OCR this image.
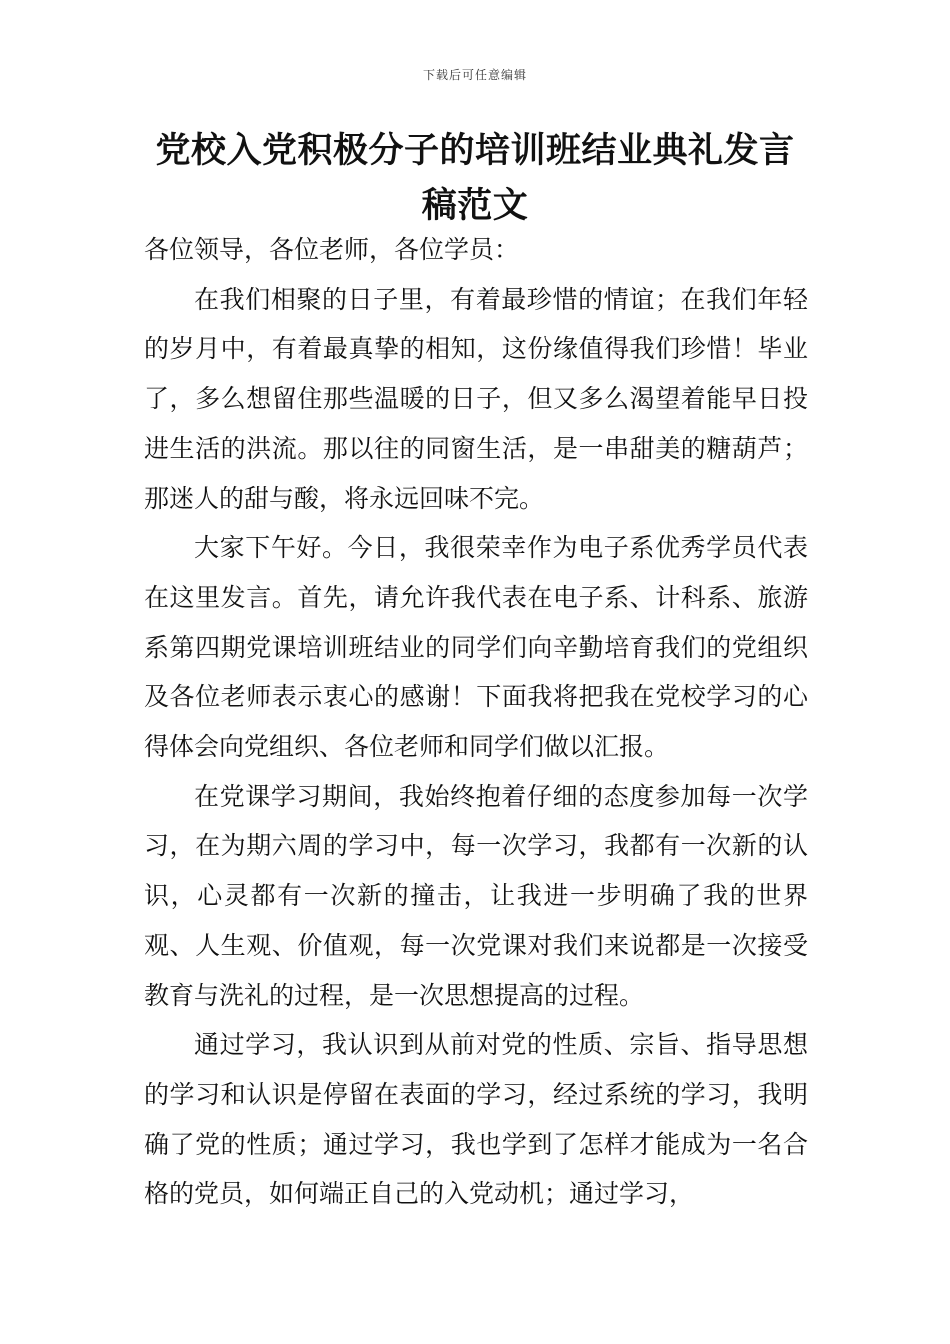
下载后可任意编辑
党校入党积极分子的培训班结业典礼发言稿范文

各位领导，各位老师，各位学员：

在我们相聚的日子里，有着最珍惜的情谊；在我们年轻的岁月中，有着最真挚的相知，这份缘值得我们珍惜！毕业了，多么想留住那些温暖的日子，但又多么渴望着能早日投进生活的洪流。那以往的同窗生活，是一串甜美的糖葫芦；那迷人的甜与酸，将永远回味不完。

大家下午好。今日，我很荣幸作为电子系优秀学员代表在这里发言。首先，请允许我代表在电子系、计科系、旅游系第四期党课培训班结业的同学们向辛勤培育我们的党组织及各位老师表示衷心的感谢！下面我将把我在党校学习的心得体会向党组织、各位老师和同学们做以汇报。

在党课学习期间，我始终抱着仔细的态度参加每一次学习，在为期六周的学习中，每一次学习，我都有一次新的认识，心灵都有一次新的撞击，让我进一步明确了我的世界观、人生观、价值观，每一次党课对我们来说都是一次接受教育与洗礼的过程，是一次思想提高的过程。

通过学习，我认识到从前对党的性质、宗旨、指导思想的学习和认识是停留在表面的学习，经过系统的学习，我明确了党的性质；通过学习，我也学到了怎样才能成为一名合格的党员，如何端正自己的入党动机；通过学习，
